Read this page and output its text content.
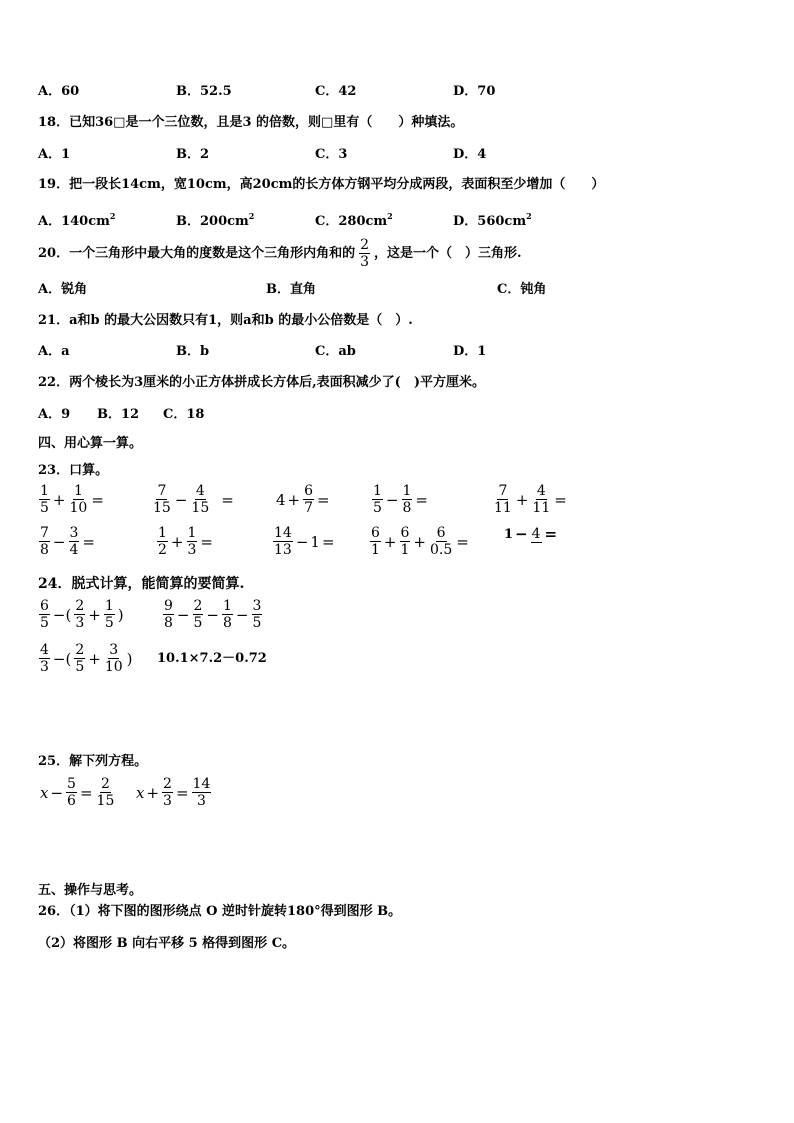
A．60	B．52.5	C．42	D．70
18．已知36□是一个三位数，且是3 的倍数，则□里有（　　）种填法。
A．1	B．2	C．3	D．4
19．把一段长14cm，宽10cm，高20cm的长方体方钢平均分成两段，表面积至少增加（　　）
A．$140cm^2$	B．$200cm^2$	C．$280cm^2$	D．$560cm^2$
20．一个三角形中最大角的度数是这个三角形内角和的 $\frac{2}{3}$ ，这是一个（　）三角形.
A．锐角	B．直角	C．钝角
21．a和b 的最大公因数只有1，则a和b 的最小公倍数是（　）.
A．a	B．b	C．ab	D．1
22．两个棱长为3厘米的小正方体拼成长方体后,表面积减少了(　)平方厘米。
A．9 B．12 C．18
四、用心算一算。
23．口算。
$\frac{1}{5} + \frac{1}{10}$ =	$\frac{7}{15} - \frac{4}{15}$ =	$4 + \frac{6}{7}$ =	$\frac{1}{5} - \frac{1}{8}$ =	$\frac{7}{11} + \frac{4}{11}$ =
$\frac{7}{8} - \frac{3}{4}$ =	$\frac{1}{2} + \frac{1}{3}$ =	$\frac{14}{13} - 1$ =	$\frac{6}{1} + \frac{6}{1} + \frac{6}{0.5}$ =	1 − 4 =
24．脱式计算，能简算的要简算.
$\frac{6}{5}$ −( $\frac{2}{3} + \frac{1}{5}$ )	$\frac{9}{8} - \frac{2}{5} - \frac{1}{8} - \frac{3}{5}$
$\frac{4}{3}$ −( $\frac{2}{5} + \frac{3}{10}$ ) 10.1×7.2－0.72
25．解下列方程。
$x - \frac{5}{6} = \frac{2}{15}$ $x + \frac{2}{3} = \frac{14}{3}$
五、操作与思考。
26．（1）将下图的图形绕点 O 逆时针旋转180°得到图形 B。
（2）将图形 B 向右平移 5 格得到图形 C。
